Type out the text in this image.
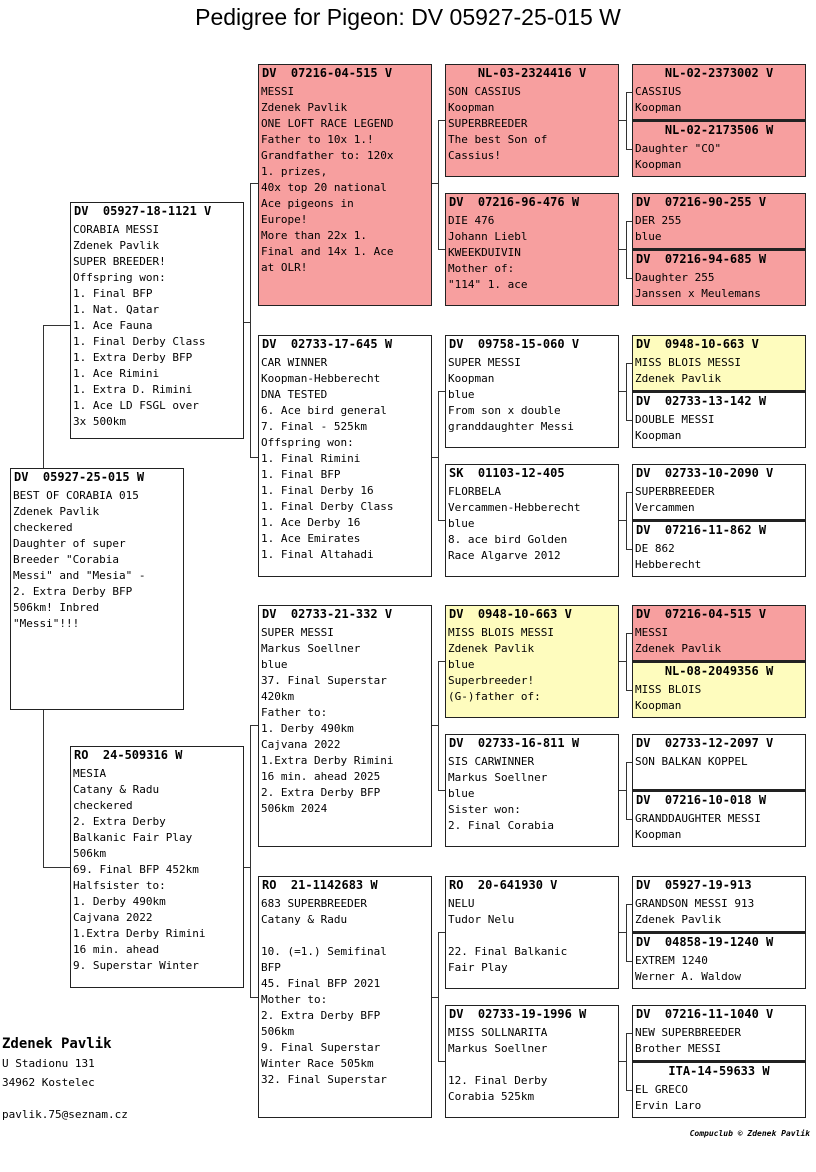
Pedigree for Pigeon: DV 05927-25-015 W
DV  05927-25-015 W
BEST OF CORABIA 015
Zdenek Pavlik
checkered
Daughter of super
Breeder "Corabia
Messi" and "Mesia" -
2. Extra Derby BFP
506km! Inbred
"Messi"!!!
DV  05927-18-1121 V
CORABIA MESSI
Zdenek Pavlik
SUPER BREEDER!
Offspring won:
1. Final BFP
1. Nat. Qatar
1. Ace Fauna
1. Final Derby Class
1. Extra Derby BFP
1. Ace Rimini
1. Extra D. Rimini
1. Ace LD FSGL over
3x 500km
RO  24-509316 W
MESIA
Catany & Radu
checkered
2. Extra Derby
Balkanic Fair Play
506km
69. Final BFP 452km
Halfsister to:
1. Derby 490km
Cajvana 2022
1.Extra Derby Rimini
16 min. ahead
9. Superstar Winter
DV  07216-04-515 V
MESSI
Zdenek Pavlik
ONE LOFT RACE LEGEND
Father to 10x 1.!
Grandfather to: 120x
1. prizes,
40x top 20 national
Ace pigeons in
Europe!
More than 22x 1.
Final and 14x 1. Ace
at OLR!
DV  02733-17-645 W
CAR WINNER
Koopman-Hebberecht
DNA TESTED
6. Ace bird general
7. Final - 525km
Offspring won:
1. Final Rimini
1. Final BFP
1. Final Derby 16
1. Final Derby Class
1. Ace Derby 16
1. Ace Emirates
1. Final Altahadi
DV  02733-21-332 V
SUPER MESSI
Markus Soellner
blue
37. Final Superstar
420km
Father to:
1. Derby 490km
Cajvana 2022
1.Extra Derby Rimini
16 min. ahead 2025
2. Extra Derby BFP
506km 2024
RO  21-1142683 W
683 SUPERBREEDER
Catany & Radu
10. (=1.) Semifinal
BFP
45. Final BFP 2021
Mother to:
2. Extra Derby BFP
506km
9. Final Superstar
Winter Race 505km
32. Final Superstar
NL-03-2324416 V
SON CASSIUS
Koopman
SUPERBREEDER
The best Son of
Cassius!
DV  07216-96-476 W
DIE 476
Johann Liebl
KWEEKDUIVIN
Mother of:
"114" 1. ace
DV  09758-15-060 V
SUPER MESSI
Koopman
blue
From son x double
granddaughter Messi
SK  01103-12-405
FLORBELA
Vercammen-Hebberecht
blue
8. ace bird Golden
Race Algarve 2012
DV  0948-10-663 V
MISS BLOIS MESSI
Zdenek Pavlik
blue
Superbreeder!
(G-)father of:
DV  02733-16-811 W
SIS CARWINNER
Markus Soellner
blue
Sister won:
2. Final Corabia
RO  20-641930 V
NELU
Tudor Nelu
22. Final Balkanic
Fair Play
DV  02733-19-1996 W
MISS SOLLNARITA
Markus Soellner
12. Final Derby
Corabia 525km
NL-02-2373002 V
CASSIUS
Koopman
NL-02-2173506 W
Daughter "CO"
Koopman
DV  07216-90-255 V
DER 255
blue
DV  07216-94-685 W
Daughter 255
Janssen x Meulemans
DV  0948-10-663 V
MISS BLOIS MESSI
Zdenek Pavlik
DV  02733-13-142 W
DOUBLE MESSI
Koopman
DV  02733-10-2090 V
SUPERBREEDER
Vercammen
DV  07216-11-862 W
DE 862
Hebberecht
DV  07216-04-515 V
MESSI
Zdenek Pavlik
NL-08-2049356 W
MISS BLOIS
Koopman
DV  02733-12-2097 V
SON BALKAN KOPPEL
DV  07216-10-018 W
GRANDDAUGHTER MESSI
Koopman
DV  05927-19-913
GRANDSON MESSI 913
Zdenek Pavlik
DV  04858-19-1240 W
EXTREM 1240
Werner A. Waldow
DV  07216-11-1040 V
NEW SUPERBREEDER
Brother MESSI
ITA-14-59633 W
EL GRECO
Ervin Laro
Zdenek Pavlik
U Stadionu 131
34962 Kostelec
pavlik.75@seznam.cz
Compuclub © Zdenek Pavlik
